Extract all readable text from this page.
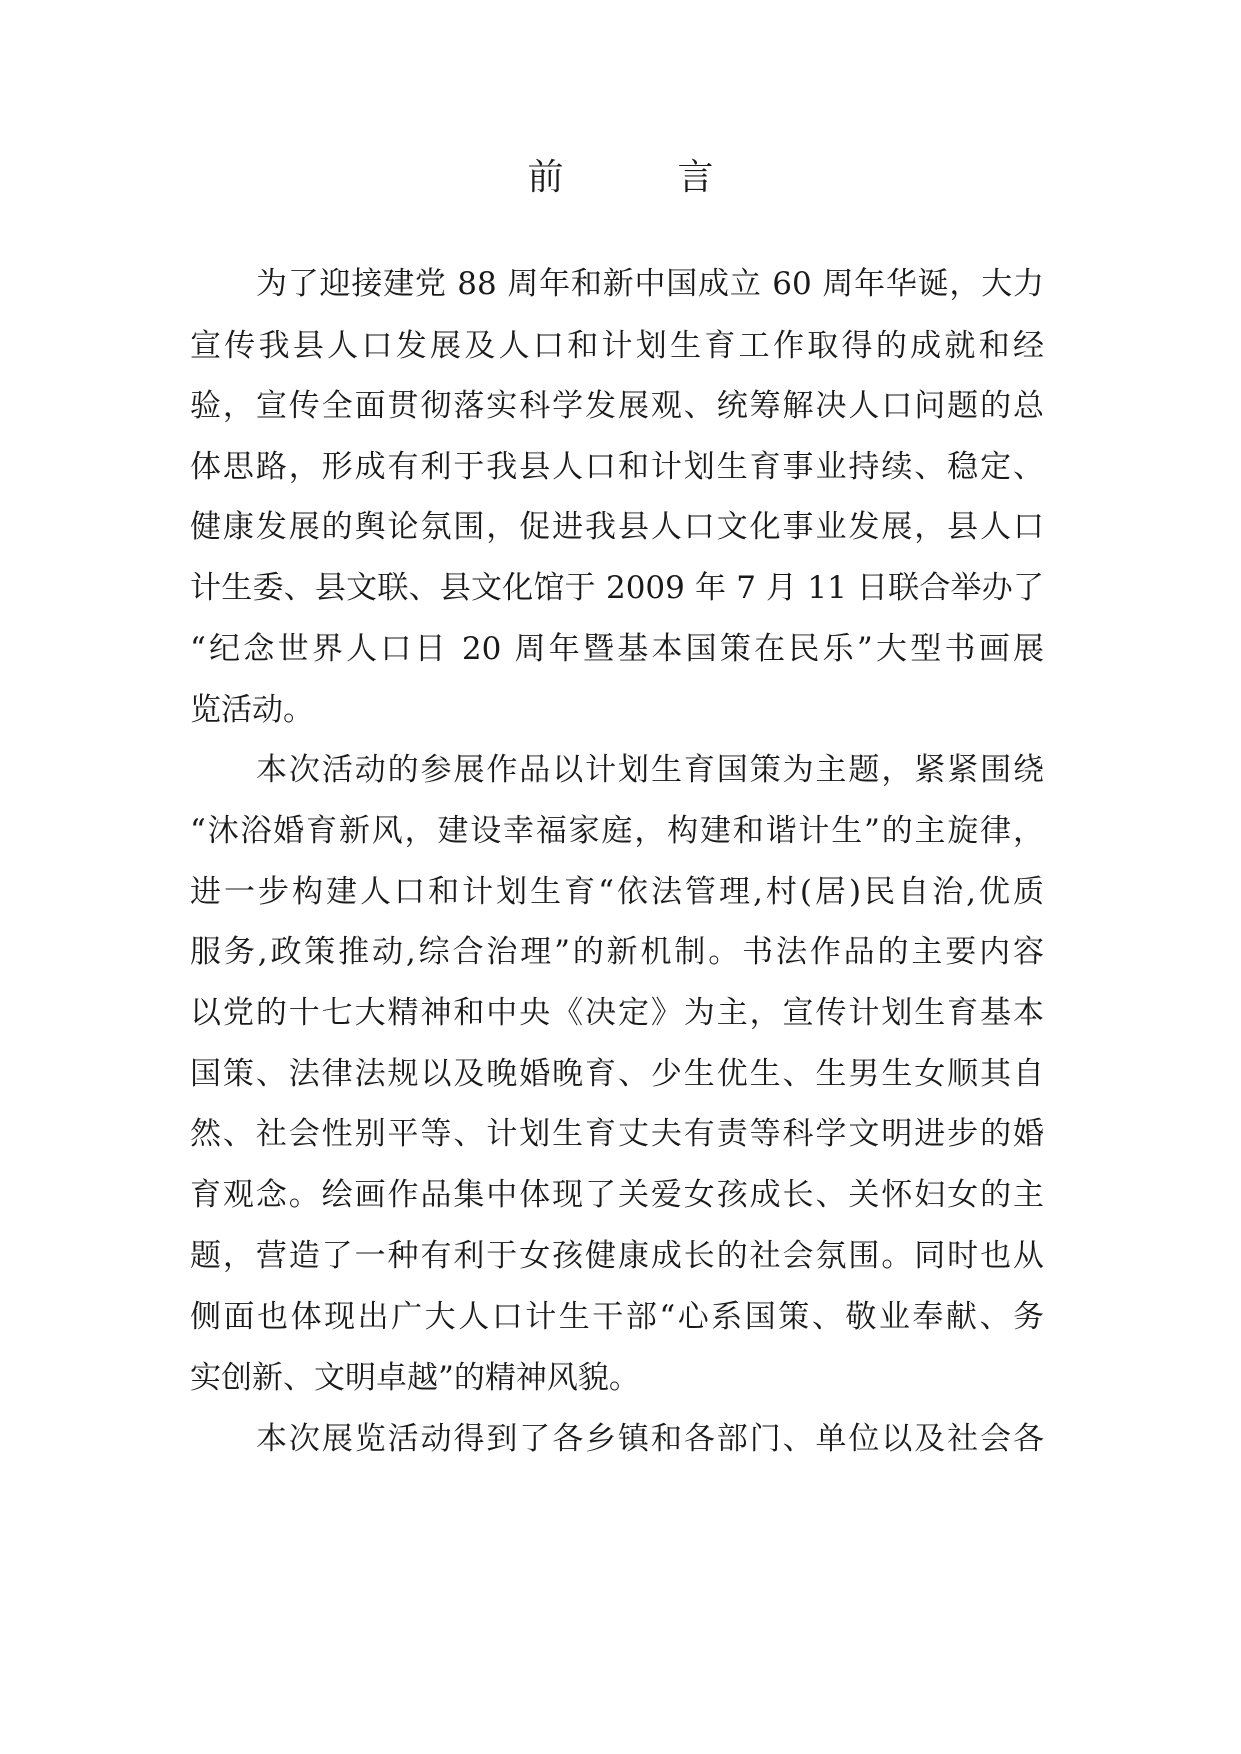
前	言

为了迎接建党 88 周年和新中国成立 60 周年华诞，大力

宣传我县人口发展及人口和计划生育工作取得的成就和经

验，宣传全面贯彻落实科学发展观、统筹解决人口问题的总

体思路，形成有利于我县人口和计划生育事业持续、稳定、

健康发展的舆论氛围，促进我县人口文化事业发展，县人口

计生委、县文联、县文化馆于 2009 年 7 月 11 日联合举办了

“纪念世界人口日 20 周年暨基本国策在民乐”大型书画展

览活动。

本次活动的参展作品以计划生育国策为主题，紧紧围绕

“沐浴婚育新风，建设幸福家庭，构建和谐计生”的主旋律，

进一步构建人口和计划生育“依法管理,村(居)民自治,优质

服务,政策推动,综合治理”的新机制。书法作品的主要内容

以党的十七大精神和中央《决定》为主，宣传计划生育基本

国策、法律法规以及晚婚晚育、少生优生、生男生女顺其自

然、社会性别平等、计划生育丈夫有责等科学文明进步的婚

育观念。绘画作品集中体现了关爱女孩成长、关怀妇女的主

题，营造了一种有利于女孩健康成长的社会氛围。同时也从

侧面也体现出广大人口计生干部“心系国策、敬业奉献、务

实创新、文明卓越”的精神风貌。

本次展览活动得到了各乡镇和各部门、单位以及社会各
